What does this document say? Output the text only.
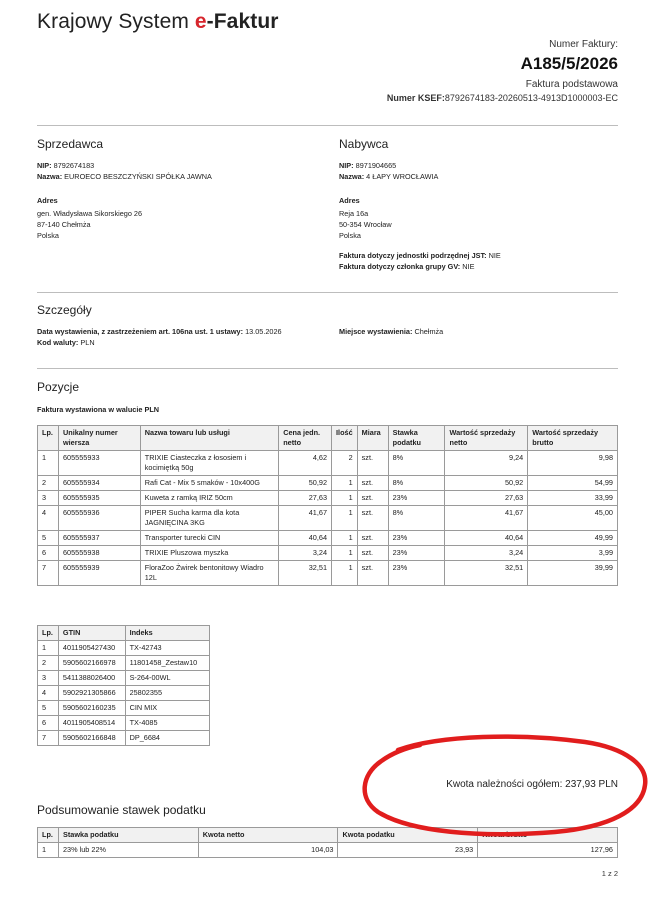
Krajowy System e-Faktur
Numer Faktury:
A185/5/2026
Faktura podstawowa
Numer KSEF:8792674183-20260513-4913D1000003-EC
Sprzedawca
NIP: 8792674183
Nazwa: EUROECO BESZCZYŃSKI SPÓŁKA JAWNA
Adres
gen. Władysława Sikorskiego 26
87-140 Chełmża
Polska
Nabywca
NIP: 8971904665
Nazwa: 4 ŁAPY WROCŁAWIA
Adres
Reja 16a
50-354 Wrocław
Polska
Faktura dotyczy jednostki podrzędnej JST: NIE
Faktura dotyczy członka grupy GV: NIE
Szczegóły
Data wystawienia, z zastrzeżeniem art. 106na ust. 1 ustawy: 13.05.2026
Kod waluty: PLN
Miejsce wystawienia: Chełmża
Pozycje
Faktura wystawiona w walucie PLN
Lp.	Unikalny numer wiersza	Nazwa towaru lub usługi	Cena jedn. netto	Ilość	Miara	Stawka podatku	Wartość sprzedaży netto	Wartość sprzedaży brutto
1	605555933	TRIXIE Ciasteczka z łososiem i kocimiętką 50g	4,62	2	szt.	8%	9,24	9,98
2	605555934	Rafi Cat - Mix 5 smaków - 10x400G	50,92	1	szt.	8%	50,92	54,99
3	605555935	Kuweta z ramką IRIZ 50cm	27,63	1	szt.	23%	27,63	33,99
4	605555936	PIPER Sucha karma dla kota JAGNIĘCINA 3KG	41,67	1	szt.	8%	41,67	45,00
5	605555937	Transporter turecki CIN	40,64	1	szt.	23%	40,64	49,99
6	605555938	TRIXIE Pluszowa myszka	3,24	1	szt.	23%	3,24	3,99
7	605555939	FloraZoo Żwirek bentonitowy Wiadro 12L	32,51	1	szt.	23%	32,51	39,99
Lp.	GTIN	Indeks
1	4011905427430	TX-42743
2	5905602166978	11801458_Zestaw10
3	5411388026400	S-264-00WL
4	5902921305866	25802355
5	5905602160235	CIN MIX
6	4011905408514	TX-4085
7	5905602166848	DP_6684
Kwota należności ogółem: 237,93 PLN
Podsumowanie stawek podatku
Lp.	Stawka podatku	Kwota netto	Kwota podatku	Kwota brutto
1	23% lub 22%	104,03	23,93	127,96
1 z 2
